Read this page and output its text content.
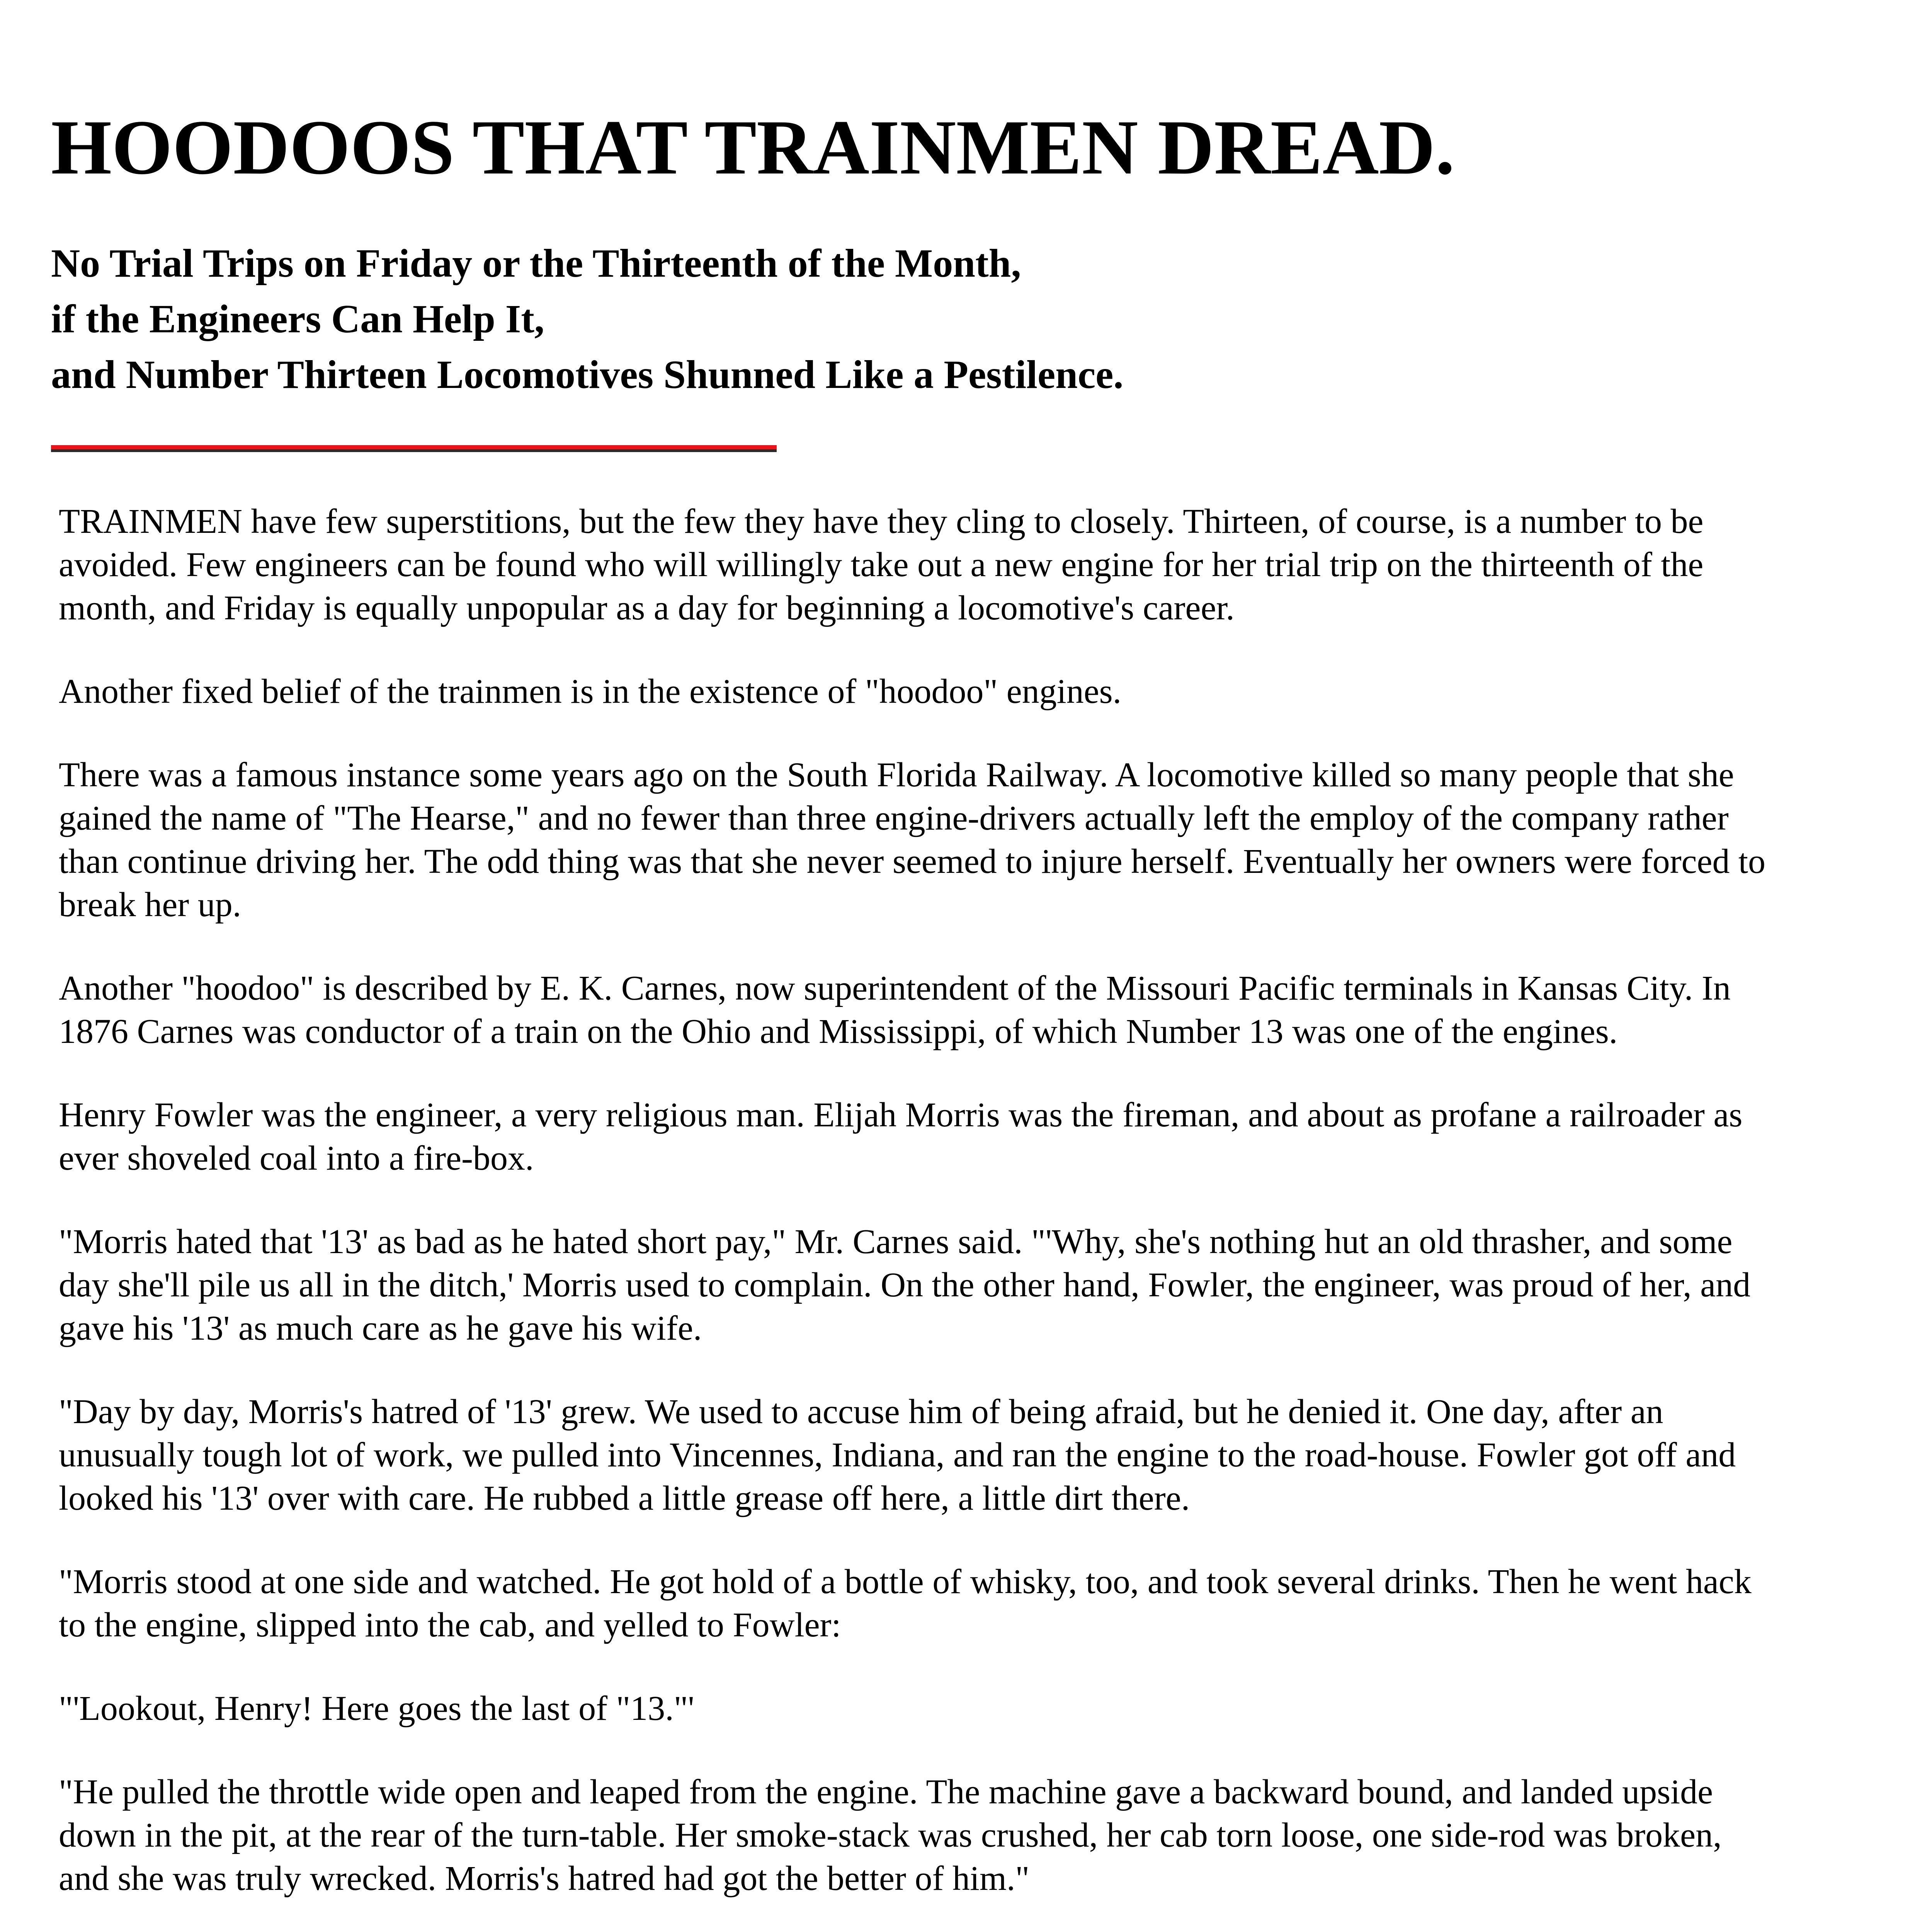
HOODOOS THAT TRAINMEN DREAD.
No Trial Trips on Friday or the Thirteenth of the Month,
if the Engineers Can Help It,
and Number Thirteen Locomotives Shunned Like a Pestilence.

TRAINMEN have few superstitions, but the few they have they cling to closely. Thirteen, of course, is a number to be avoided. Few engineers can be found who will willingly take out a new engine for her trial trip on the thirteenth of the month, and Friday is equally unpopular as a day for beginning a locomotive's career.

Another fixed belief of the trainmen is in the existence of "hoodoo" engines.

There was a famous instance some years ago on the South Florida Railway. A locomotive killed so many people that she gained the name of "The Hearse," and no fewer than three engine-drivers actually left the employ of the company rather than continue driving her. The odd thing was that she never seemed to injure herself. Eventually her owners were forced to break her up.

Another "hoodoo" is described by E. K. Carnes, now superintendent of the Missouri Pacific terminals in Kansas City. In 1876 Carnes was conductor of a train on the Ohio and Mississippi, of which Number 13 was one of the engines.

Henry Fowler was the engineer, a very religious man. Elijah Morris was the fireman, and about as profane a railroader as ever shoveled coal into a fire-box.

"Morris hated that '13' as bad as he hated short pay," Mr. Carnes said. "'Why, she's nothing hut an old thrasher, and some day she'll pile us all in the ditch,' Morris used to complain. On the other hand, Fowler, the engineer, was proud of her, and gave his '13' as much care as he gave his wife.

"Day by day, Morris's hatred of '13' grew. We used to accuse him of being afraid, but he denied it. One day, after an unusually tough lot of work, we pulled into Vincennes, Indiana, and ran the engine to the road-house. Fowler got off and looked his '13' over with care. He rubbed a little grease off here, a little dirt there.

"Morris stood at one side and watched. He got hold of a bottle of whisky, too, and took several drinks. Then he went hack to the engine, slipped into the cab, and yelled to Fowler:

"'Lookout, Henry! Here goes the last of "13."'

"He pulled the throttle wide open and leaped from the engine. The machine gave a backward bound, and landed upside down in the pit, at the rear of the turn-table. Her smoke-stack was crushed, her cab torn loose, one side-rod was broken, and she was truly wrecked. Morris's hatred had got the better of him."
